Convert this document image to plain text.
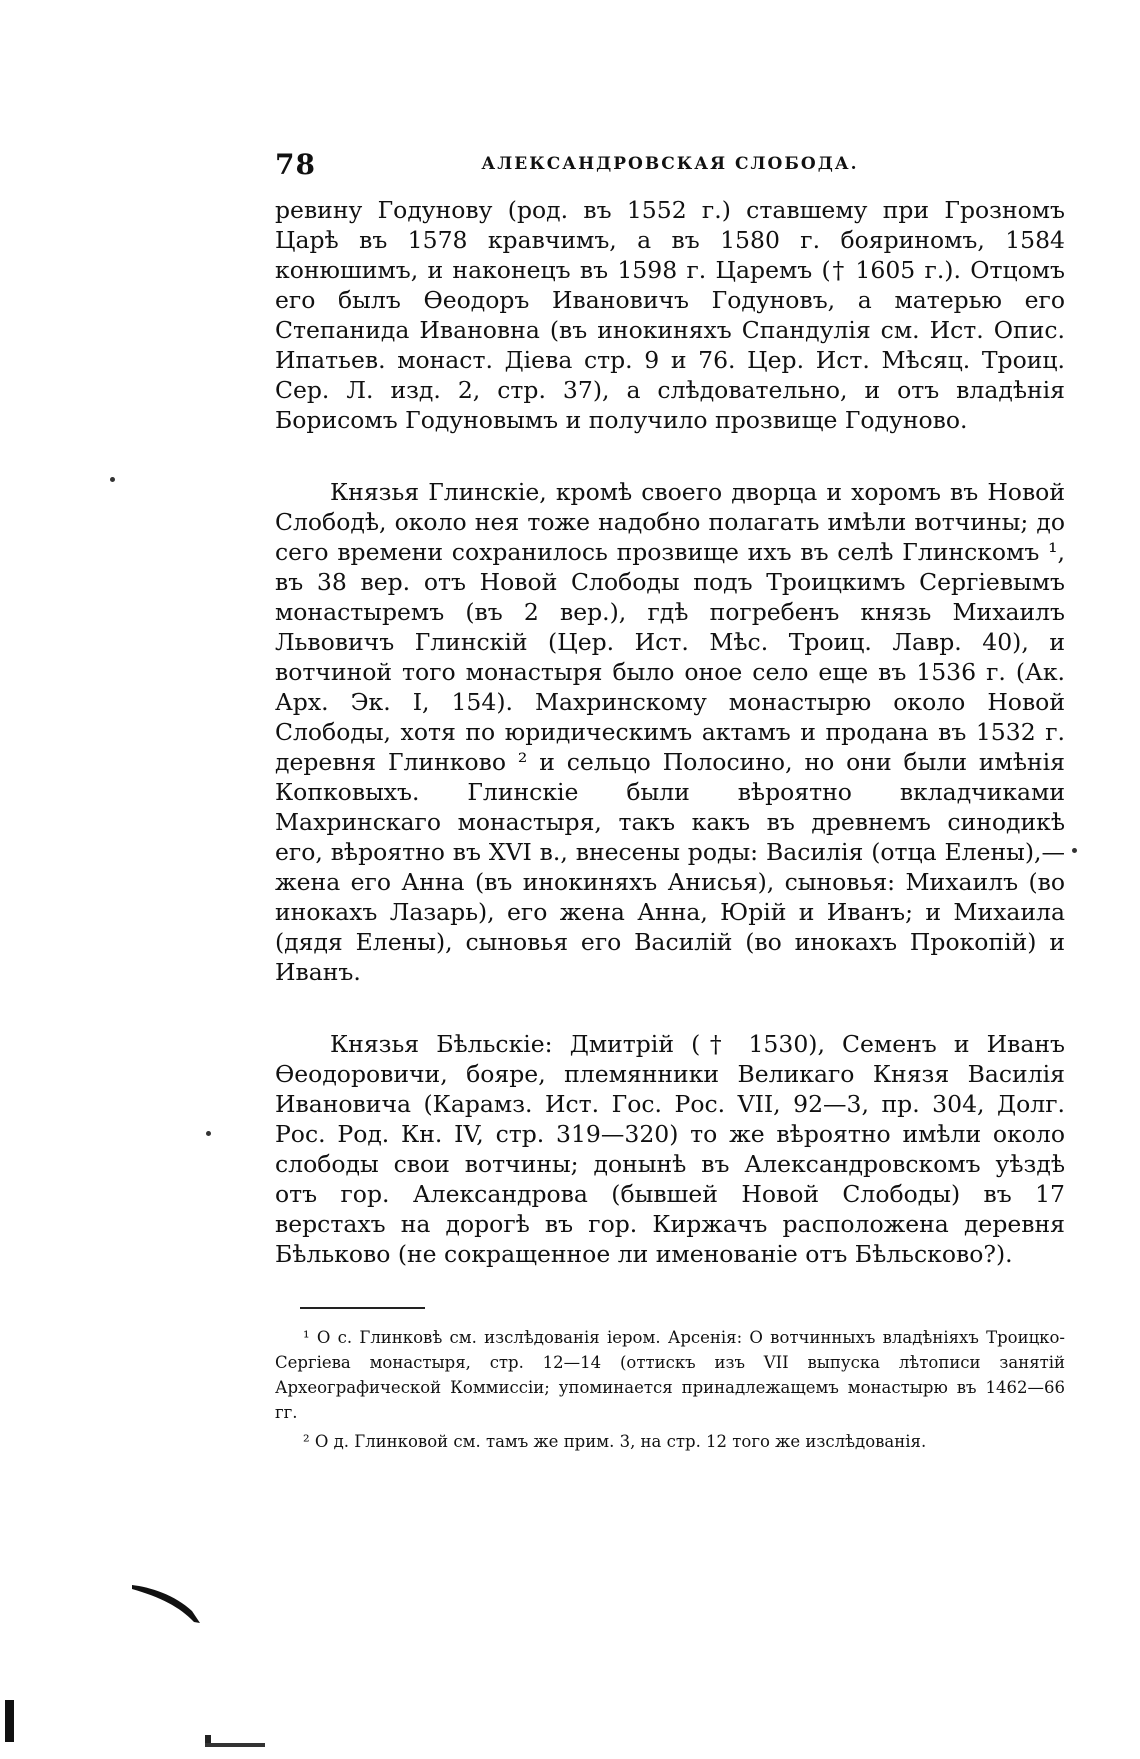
78	АЛЕКСАНДРОВСКАЯ СЛОБОДА.

ревину Годунову (род. въ 1552 г.) ставшему при Грозномъ Царѣ въ 1578 кравчимъ, а въ 1580 г. бояриномъ, 1584 конюшимъ, и наконецъ въ 1598 г. Царемъ († 1605 г.). Отцомъ его былъ Ѳеодоръ Ивановичъ Годуновъ, а матерью его Степанида Ивановна (въ инокиняхъ Спандулія см. Ист. Опис. Ипатьев. монаст. Діева стр. 9 и 76. Цер. Ист. Мѣсяц. Троиц. Сер. Л. изд. 2, стр. 37), а слѣдовательно, и отъ владѣнія Борисомъ Годуновымъ и получило прозвище Годуново.

Князья Глинскіе, кромѣ своего дворца и хоромъ въ Новой Слободѣ, около нея тоже надобно полагать имѣли вотчины; до сего времени сохранилось прозвище ихъ въ селѣ Глинскомъ ¹, въ 38 вер. отъ Новой Слободы подъ Троицкимъ Сергіевымъ монастыремъ (въ 2 вер.), гдѣ погребенъ князь Михаилъ Львовичъ Глинскій (Цер. Ист. Мѣс. Троиц. Лавр. 40), и вотчиной того монастыря было оное село еще въ 1536 г. (Ак. Арх. Эк. I, 154). Махринскому монастырю около Новой Слободы, хотя по юридическимъ актамъ и продана въ 1532 г. деревня Глинково ² и сельцо Полосино, но они были имѣнія Копковыхъ. Глинскіе были вѣроятно вкладчиками Махринскаго монастыря, такъ какъ въ древнемъ синодикѣ его, вѣроятно въ XVI в., внесены роды: Василія (отца Елены),—жена его Анна (въ инокиняхъ Анисья), сыновья: Михаилъ (во инокахъ Лазарь), его жена Анна, Юрій и Иванъ; и Михаила (дядя Елены), сыновья его Василій (во инокахъ Прокопій) и Иванъ.

Князья Бѣльскіе: Дмитрій († 1530), Семенъ и Иванъ Ѳеодоровичи, бояре, племянники Великаго Князя Василія Ивановича (Карамз. Ист. Гос. Рос. VII, 92—3, пр. 304, Долг. Рос. Род. Кн. IV, стр. 319—320) то же вѣроятно имѣли около слободы свои вотчины; донынѣ въ Александровскомъ уѣздѣ отъ гор. Александрова (бывшей Новой Слободы) въ 17 верстахъ на дорогѣ въ гор. Киржачъ расположена деревня Бѣльково (не сокращенное ли именованіе отъ Бѣльсково?).

¹ О с. Глинковѣ см. изслѣдованія іером. Арсенія: О вотчинныхъ владѣніяхъ Троицко-Сергіева монастыря, стр. 12—14 (оттискъ изъ VII выпуска лѣтописи занятій Археографической Коммиссіи; упоминается принадлежащемъ монастырю въ 1462—66 гг.

² О д. Глинковой см. тамъ же прим. 3, на стр. 12 того же изслѣдованія.
